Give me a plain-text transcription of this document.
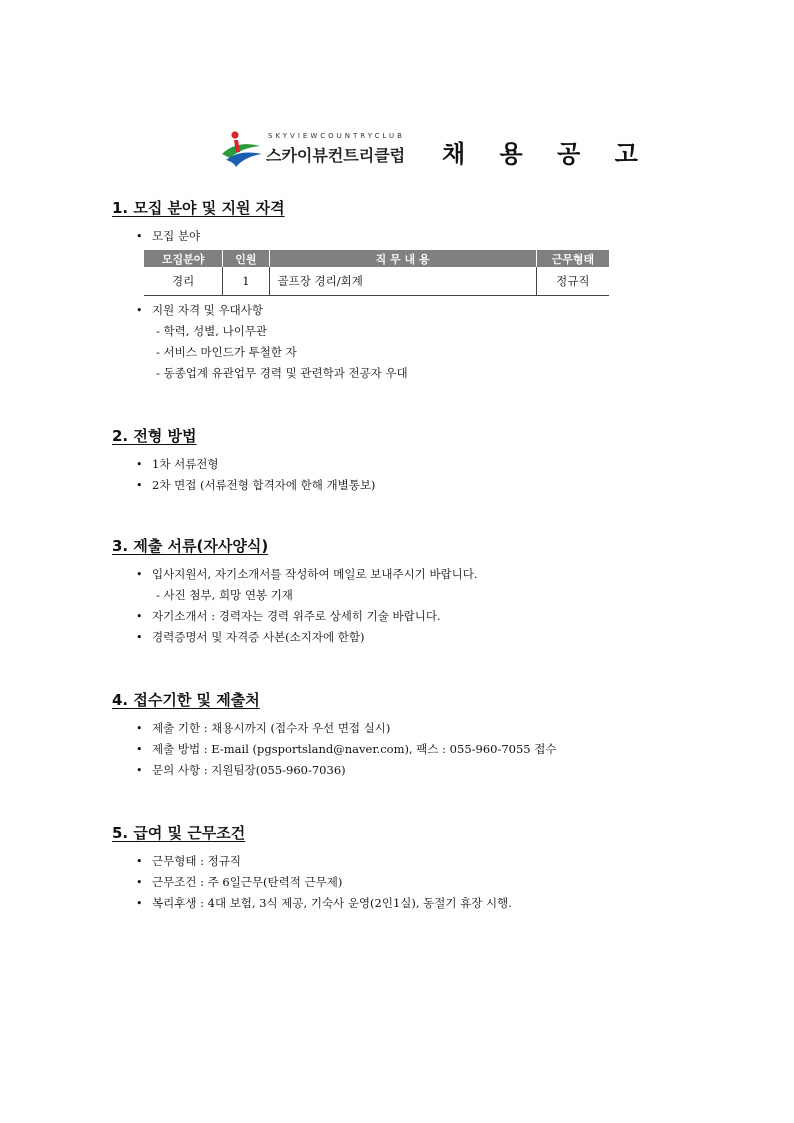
SKYVIEWCOUNTRYCLUB
스카이뷰컨트리클럽 채 용 공 고
1. 모집 분야 및 지원 자격
• 모집 분야
모집분야	인원	직 무 내 용	근무형태
경리	1	골프장 경리/회계	정규직
• 지원 자격 및 우대사항
- 학력, 성별, 나이무관
- 서비스 마인드가 투철한 자
- 동종업계 유관업무 경력 및 관련학과 전공자 우대
2. 전형 방법
• 1차 서류전형
• 2차 면접 (서류전형 합격자에 한해 개별통보)
3. 제출 서류(자사양식)
• 입사지원서, 자기소개서를 작성하여 메일로 보내주시기 바랍니다.
- 사진 첨부, 희망 연봉 기재
• 자기소개서 : 경력자는 경력 위주로 상세히 기술 바랍니다.
• 경력증명서 및 자격증 사본(소지자에 한함)
4. 접수기한 및 제출처
• 제출 기한 : 채용시까지 (접수자 우선 면접 실시)
• 제출 방법 : E-mail (pgsportsland@naver.com), 팩스 : 055-960-7055 접수
• 문의 사항 : 지원팀장(055-960-7036)
5. 급여 및 근무조건
• 근무형태 : 정규직
• 근무조건 : 주 6일근무(탄력적 근무제)
• 복리후생 : 4대 보험, 3식 제공, 기숙사 운영(2인1실), 동절기 휴장 시행.
